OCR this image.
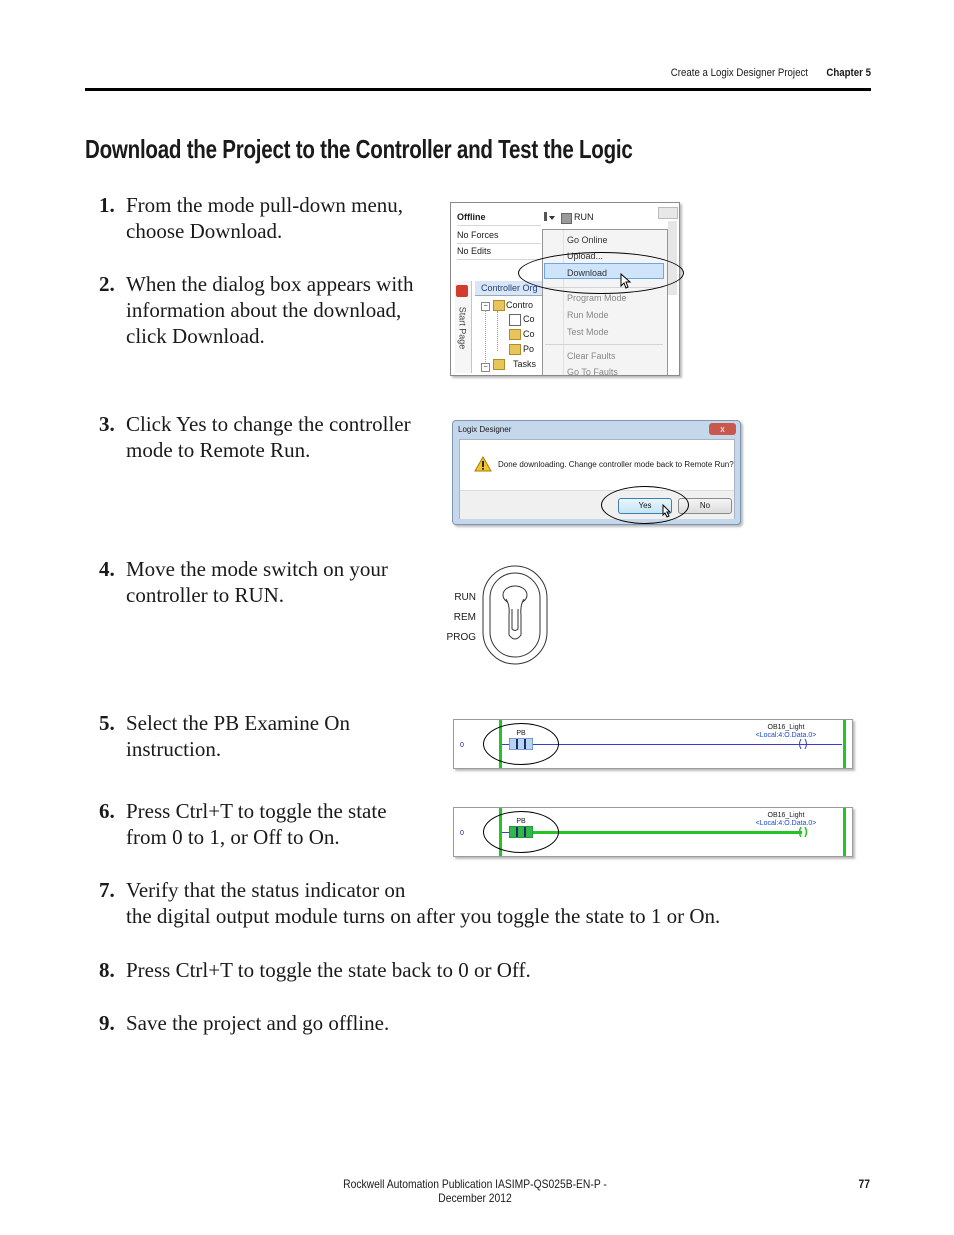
Create a Logix Designer Project	Chapter 5
Download the Project to the Controller and Test the Logic
1. From the mode pull-down menu,
choose Download.
2. When the dialog box appears with
information about the download,
click Download.
3. Click Yes to change the controller
mode to Remote Run.
4. Move the mode switch on your
controller to RUN.
5. Select the PB Examine On
instruction.
6. Press Ctrl+T to toggle the state
from 0 to 1, or Off to On.
7. Verify that the status indicator on
the digital output module turns on after you toggle the state to 1 or On.
8. Press Ctrl+T to toggle the state back to 0 or Off.
9. Save the project and go offline.
Offline
No Forces
No Edits
RUN
Start Page
Controller Org
− Contro
Co
Co
Po
−	Tasks
Go Online
Upload...
Download
Program Mode
Run Mode
Test Mode
Clear Faults
Go To Faults
Logix Designer	x
Done downloading. Change controller mode back to Remote Run?
Yes	No
RUN
REM
PROG
0
PB
OB16_Light
<Local:4:O.Data.0>
0
PB
OB16_Light
<Local:4:O.Data.0>
Rockwell Automation Publication IASIMP-QS025B-EN-P - December 2012
77
